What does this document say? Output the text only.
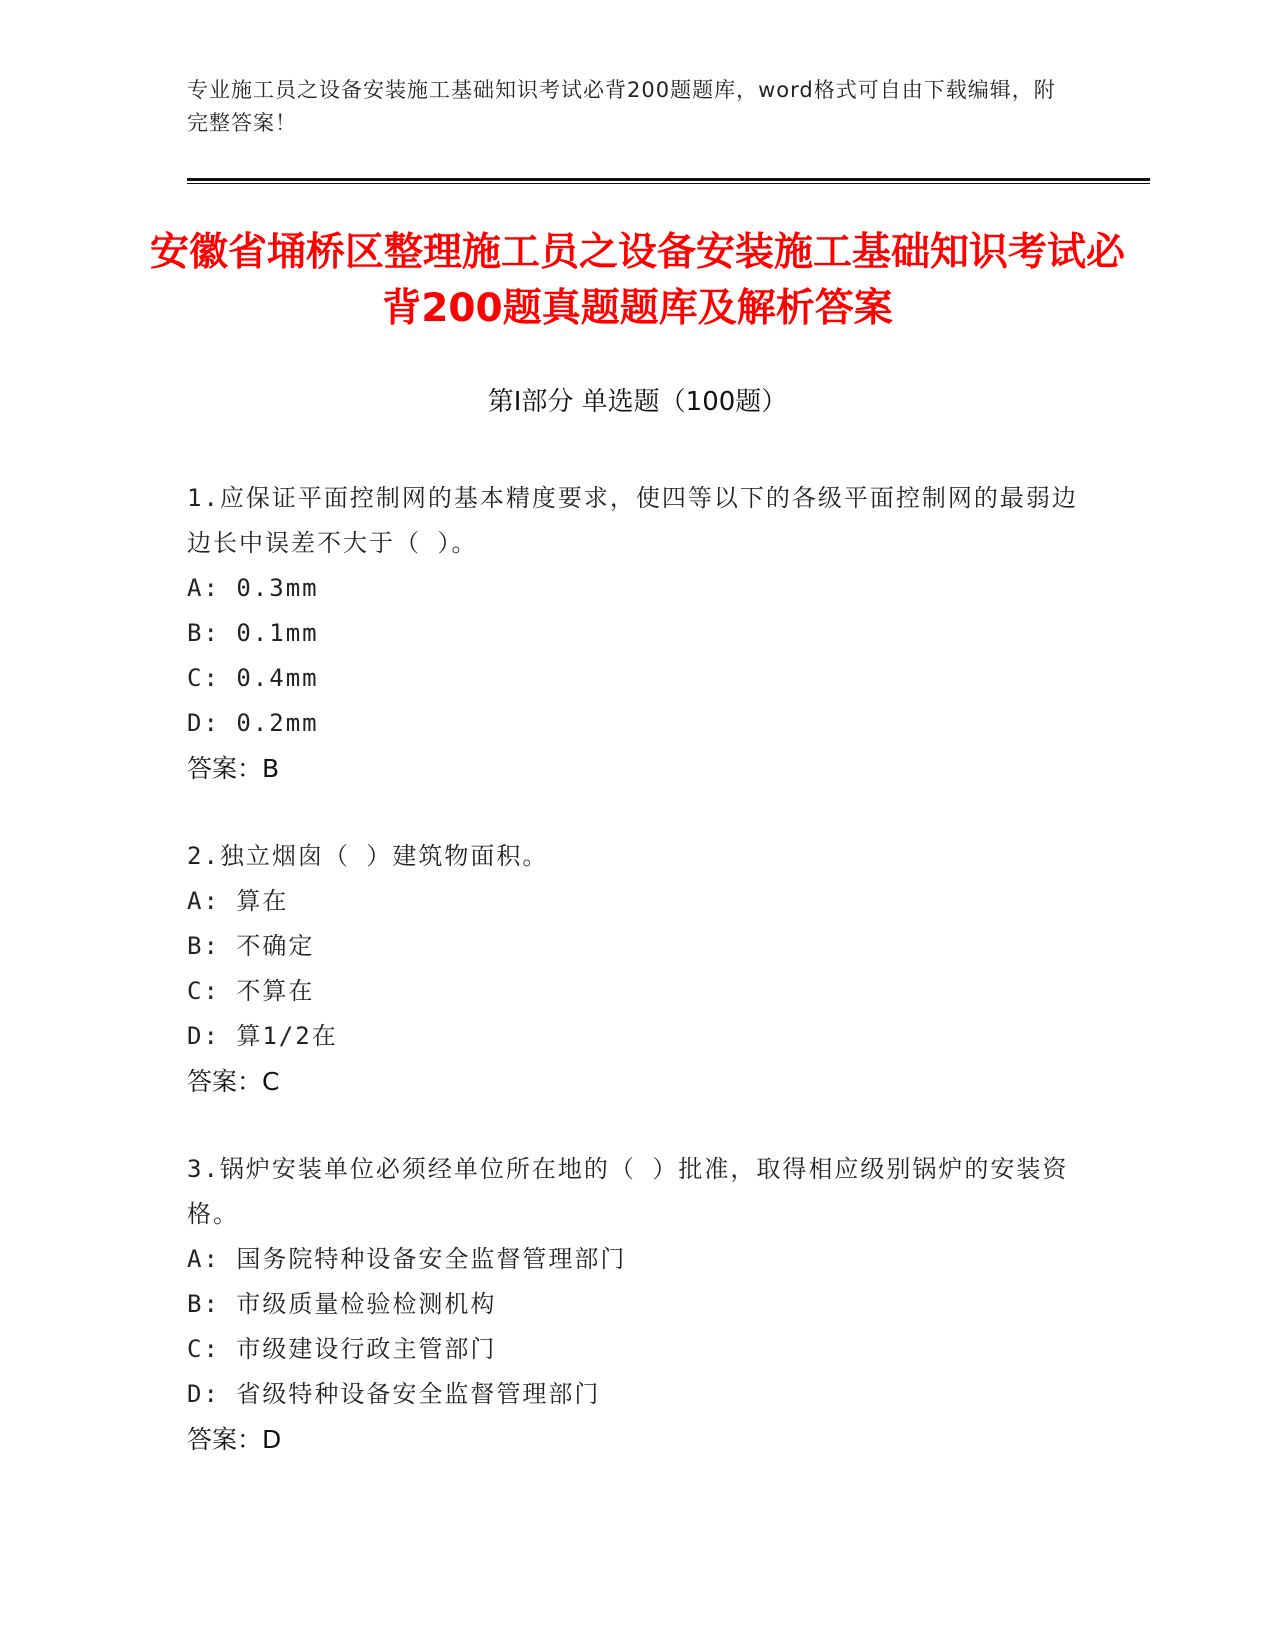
专业施工员之设备安装施工基础知识考试必背200题题库，word格式可自由下载编辑，附完整答案！
安徽省埇桥区整理施工员之设备安装施工基础知识考试必背200题真题题库及解析答案
第Ⅰ部分 单选题（100题）
1.应保证平面控制网的基本精度要求，使四等以下的各级平面控制网的最弱边边长中误差不大于（ ）。
A: 0.3mm
B: 0.1mm
C: 0.4mm
D: 0.2mm
答案：B
2.独立烟囱（ ）建筑物面积。
A: 算在
B: 不确定
C: 不算在
D: 算1/2在
答案：C
3.锅炉安装单位必须经单位所在地的（ ）批准，取得相应级别锅炉的安装资格。
A: 国务院特种设备安全监督管理部门
B: 市级质量检验检测机构
C: 市级建设行政主管部门
D: 省级特种设备安全监督管理部门
答案：D
